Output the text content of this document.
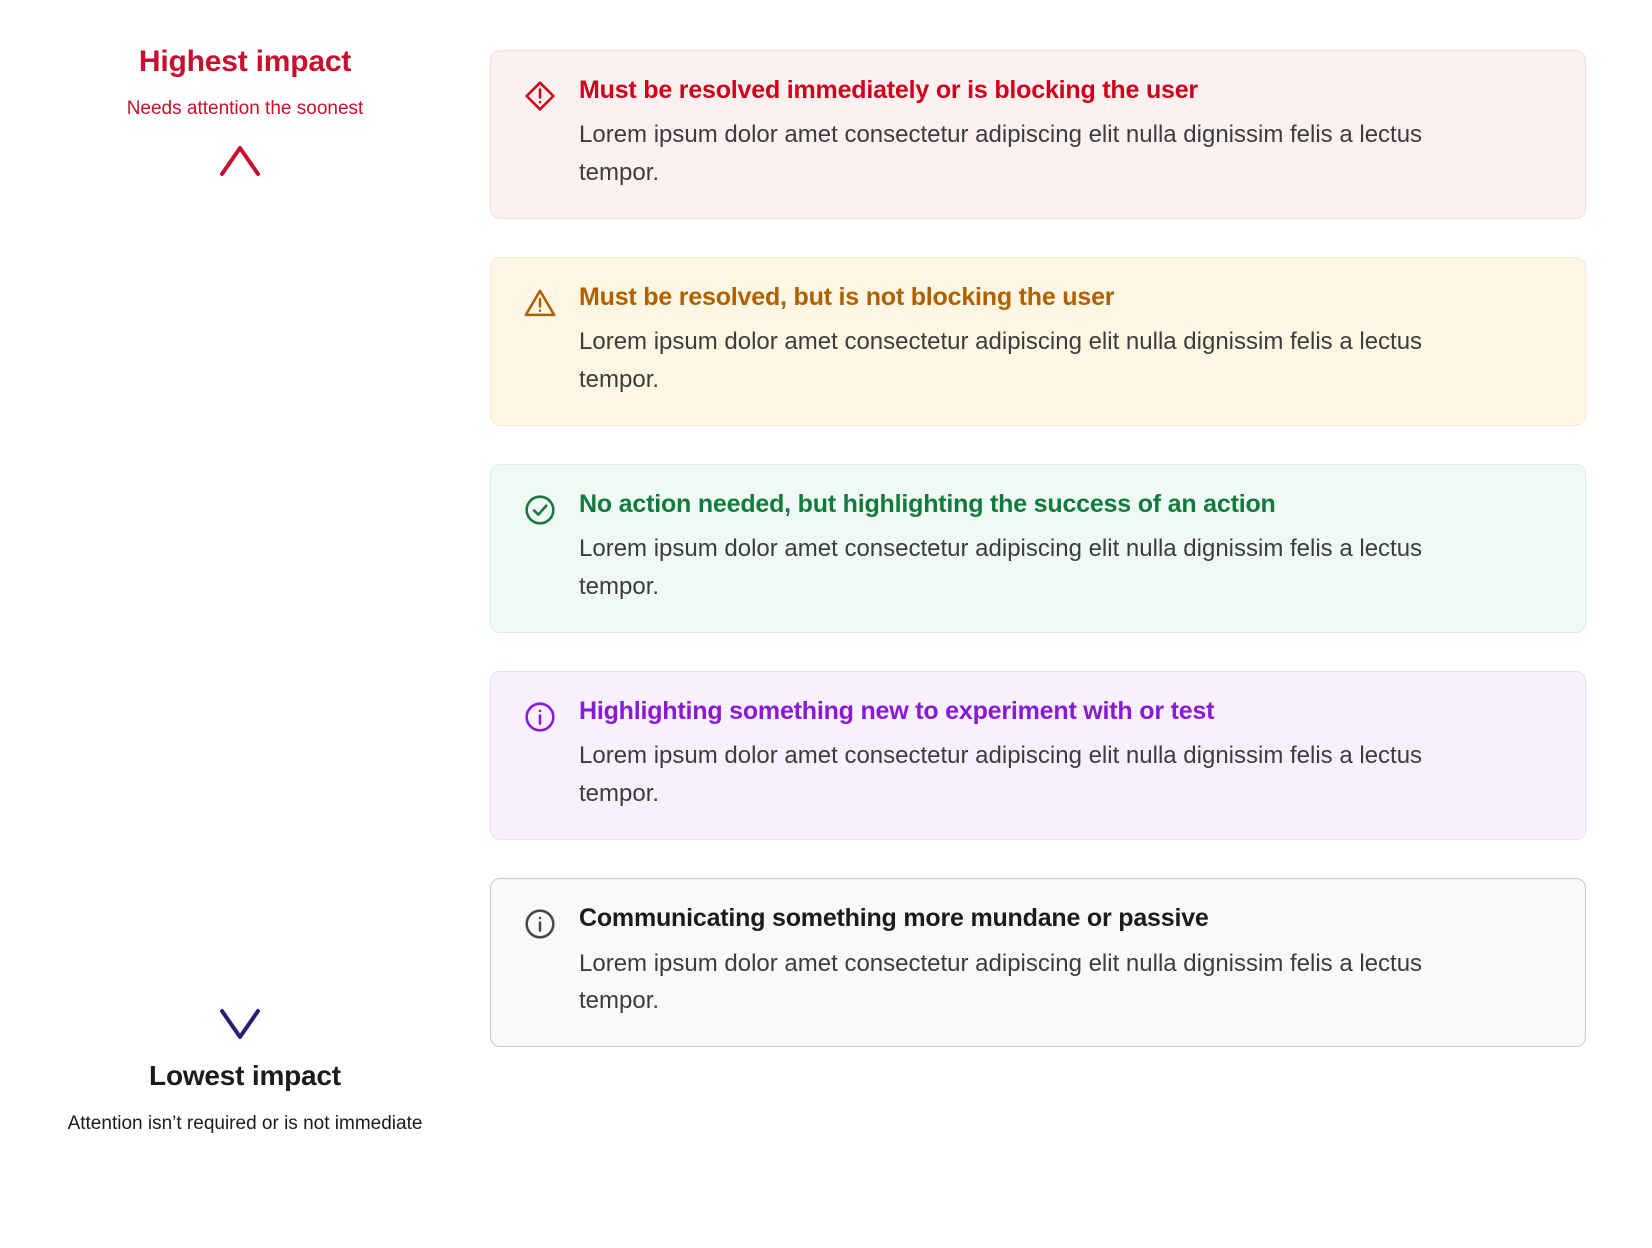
Highest impact
Needs attention the soonest
Lowest impact
Attention isn’t required or is not immediate

Must be resolved immediately or is blocking the user

Lorem ipsum dolor amet consectetur adipiscing elit nulla dignissim felis a lectus tempor.

Must be resolved, but is not blocking the user

Lorem ipsum dolor amet consectetur adipiscing elit nulla dignissim felis a lectus tempor.

No action needed, but highlighting the success of an action

Lorem ipsum dolor amet consectetur adipiscing elit nulla dignissim felis a lectus tempor.

Highlighting something new to experiment with or test

Lorem ipsum dolor amet consectetur adipiscing elit nulla dignissim felis a lectus tempor.

Communicating something more mundane or passive

Lorem ipsum dolor amet consectetur adipiscing elit nulla dignissim felis a lectus tempor.
